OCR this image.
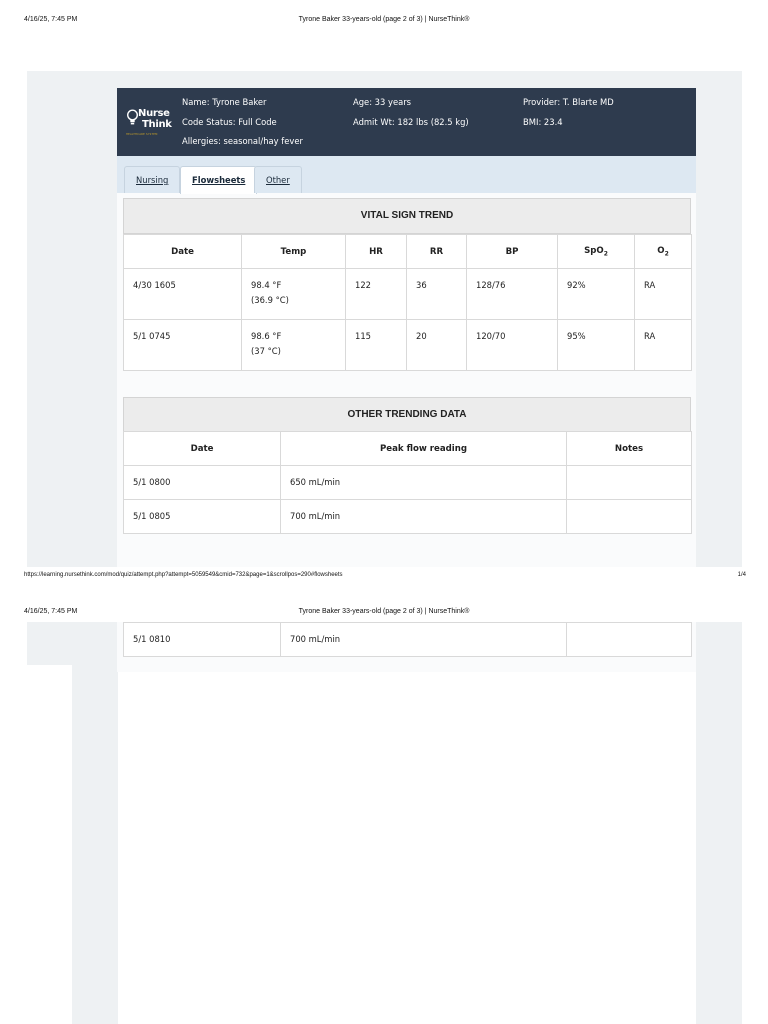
4/16/25, 7:45 PM	Tyrone Baker 33-years-old (page 2 of 3) | NurseThink®
Nurse
Think
HEALTHCARE SYSTEM
Name: Tyrone Baker
Code Status: Full Code
Allergies: seasonal/hay fever
Age: 33 years
Admit Wt: 182 lbs (82.5 kg)
Provider: T. Blarte MD
BMI: 23.4
Nursing	Flowsheets	Other
VITAL SIGN TREND
Date	Temp	HR	RR	BP	SpO$_2$	$O_2$
4/30 1605	98.4 °F
(36.9 °C)	122	36	128/76	92%	RA
5/1 0745	98.6 °F
(37 °C)	115	20	120/70	95%	RA
OTHER TRENDING DATA
Date	Peak flow reading	Notes
5/1 0800	650 mL/min	
5/1 0805	700 mL/min	
https://learning.nursethink.com/mod/quiz/attempt.php?attempt=5059549&cmid=732&page=1&scrollpos=290#flowsheets	1/4
4/16/25, 7:45 PM	Tyrone Baker 33-years-old (page 2 of 3) | NurseThink®
5/1 0810	700 mL/min	
